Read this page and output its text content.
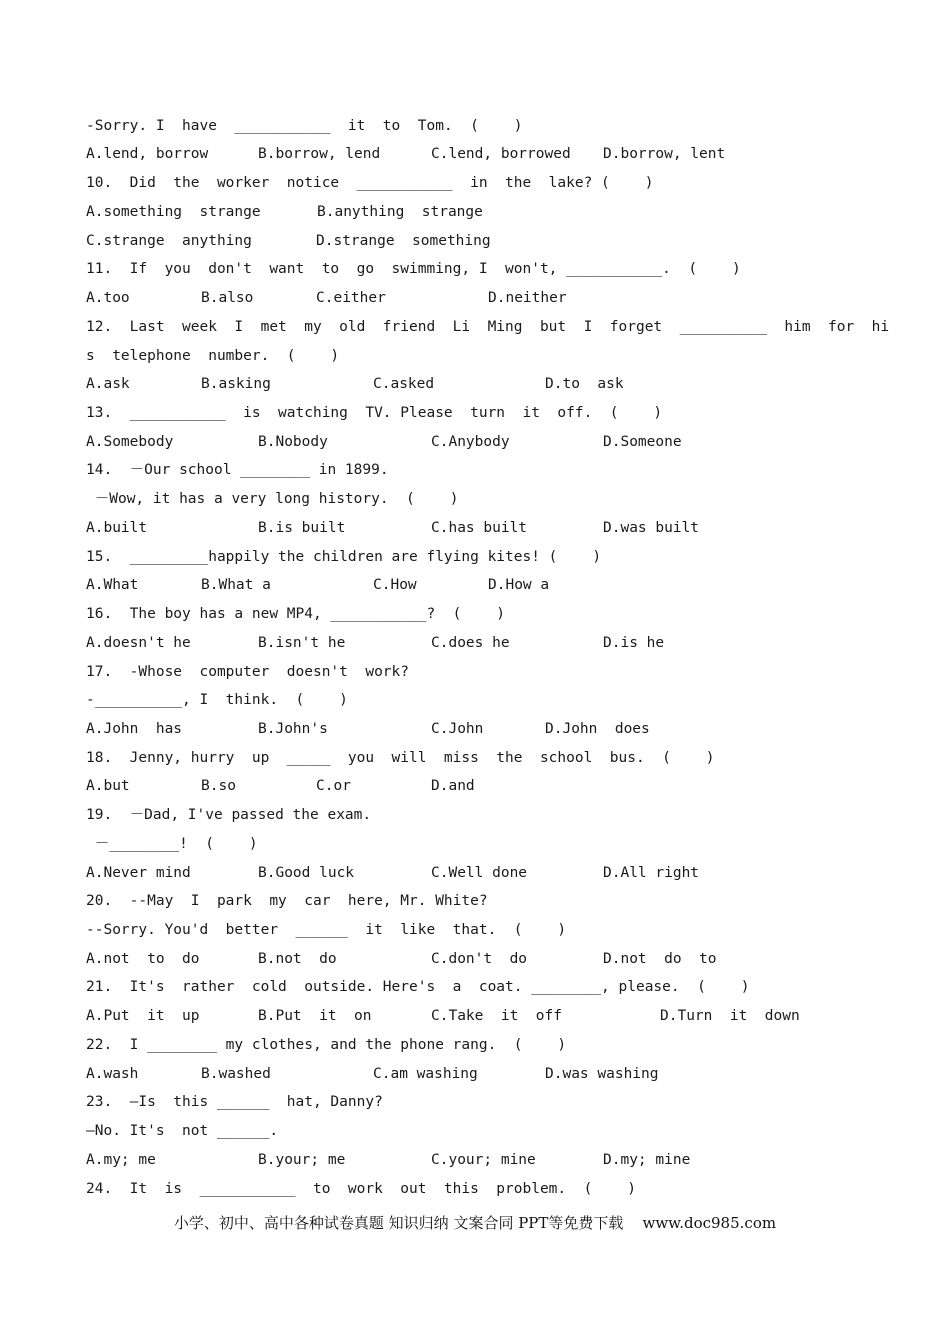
-Sorry. I  have  ___________  it  to  Tom.  (    )
A.lend, borrow	B.borrow, lend	C.lend, borrowed D.borrow, lent
10.  Did  the  worker  notice  ___________  in  the  lake? (    )
A.something  strange	B.anything  strange
C.strange  anything	D.strange  something
11.  If  you  don't  want  to  go  swimming, I  won't, ___________.  (    )
A.too	B.also	C.either	D.neither
12.  Last  week  I  met  my  old  friend  Li  Ming  but  I  forget  __________  him  for  hi
s  telephone  number.  (    )
A.ask	B.asking	C.asked	D.to  ask
13.  ___________  is  watching  TV. Please  turn  it  off.  (    )
A.Somebody	B.Nobody	C.Anybody	D.Someone
14.  －Our school ________ in 1899.
－Wow, it has a very long history.  (    )
A.built	B.is built	C.has built	D.was built
15.  _________happily the children are flying kites! (    )
A.What	B.What a	C.How	D.How a
16.  The boy has a new MP4, ___________?  (    )
A.doesn't he	B.isn't he	C.does he	D.is he
17.  -Whose  computer  doesn't  work?
-__________, I  think.  (    )
A.John  has	B.John's	C.John	D.John  does
18.  Jenny, hurry  up  _____  you  will  miss  the  school  bus.  (    )
A.but	B.so	C.or	D.and
19.  －Dad, I've passed the exam.
－________!  (    )
A.Never mind	B.Good luck	C.Well done	D.All right
20.  --May  I  park  my  car  here, Mr. White?
--Sorry. You'd  better  ______  it  like  that.  (    )
A.not  to  do	B.not  do	C.don't  do	D.not  do  to
21.  It's  rather  cold  outside. Here's  a  coat. ________, please.  (    )
A.Put  it  up	B.Put  it  on	C.Take  it  off	D.Turn  it  down
22.  I ________ my clothes, and the phone rang.  (    )
A.wash	B.washed	C.am washing	D.was washing
23.  —Is  this ______  hat, Danny?
—No. It's  not ______.
A.my; me	B.your; me	C.your; mine	D.my; mine
24.  It  is  ___________  to  work  out  this  problem.  (    )
小学、初中、高中各种试卷真题 知识归纳 文案合同 PPT等免费下载    www.doc985.com
